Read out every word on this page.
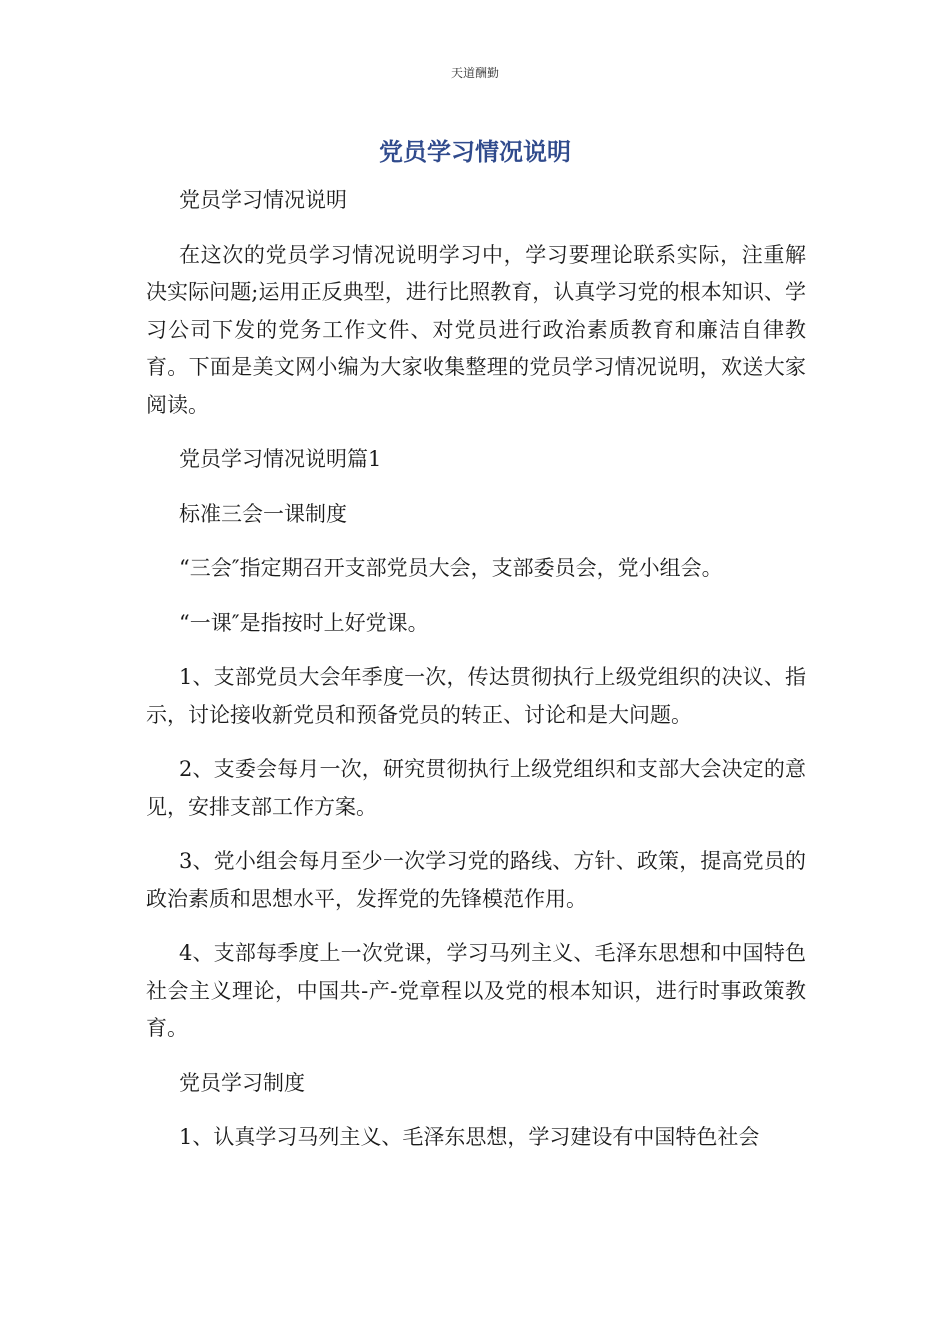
天道酬勤
党员学习情况说明

党员学习情况说明

在这次的党员学习情况说明学习中，学习要理论联系实际，注重解决实际问题;运用正反典型，进行比照教育，认真学习党的根本知识、学习公司下发的党务工作文件、对党员进行政治素质教育和廉洁自律教育。下面是美文网小编为大家收集整理的党员学习情况说明，欢送大家阅读。

党员学习情况说明篇1

标准三会一课制度

“三会″指定期召开支部党员大会，支部委员会，党小组会。

“一课″是指按时上好党课。

1、支部党员大会年季度一次，传达贯彻执行上级党组织的决议、指示，讨论接收新党员和预备党员的转正、讨论和是大问题。

2、支委会每月一次，研究贯彻执行上级党组织和支部大会决定的意见，安排支部工作方案。

3、党小组会每月至少一次学习党的路线、方针、政策，提高党员的政治素质和思想水平，发挥党的先锋模范作用。

4、支部每季度上一次党课，学习马列主义、毛泽东思想和中国特色社会主义理论，中国共-产-党章程以及党的根本知识，进行时事政策教育。

党员学习制度

1、认真学习马列主义、毛泽东思想，学习建设有中国特色社会
